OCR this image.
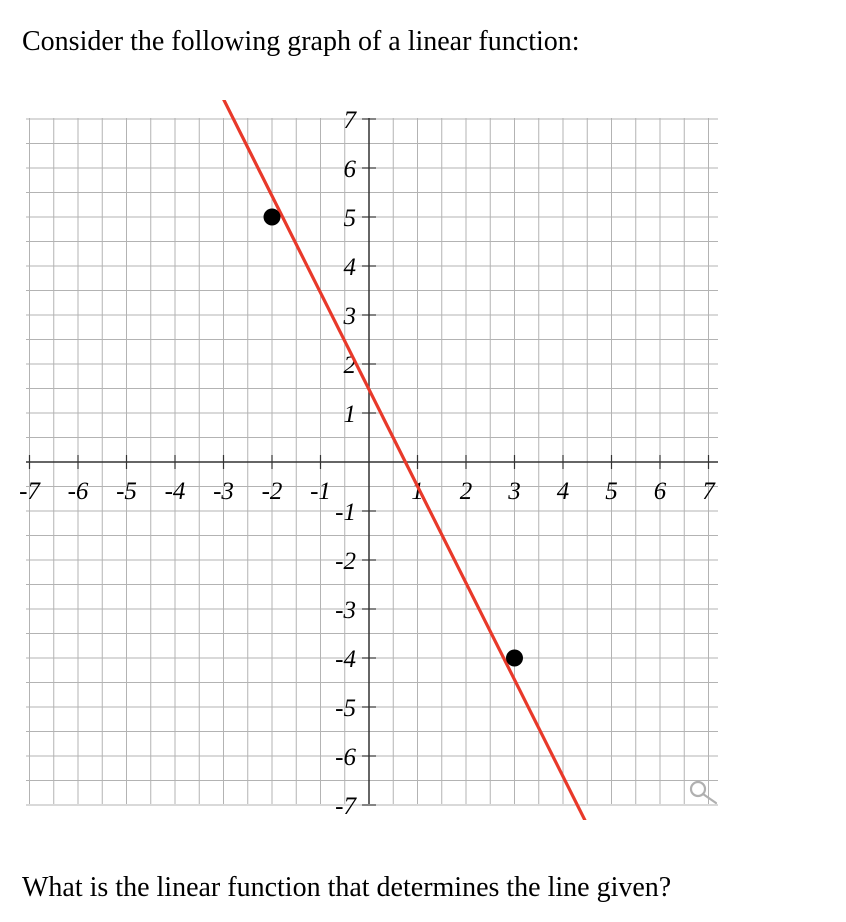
Consider the following graph of a linear function:
-7 -6 -5 -4 -3 -2 -1	1 2 3 4 5 6 7
7
6
5
4
3
2
1
-1
-2
-3
-4
-5
-6
-7

What is the linear function that determines the line given?
